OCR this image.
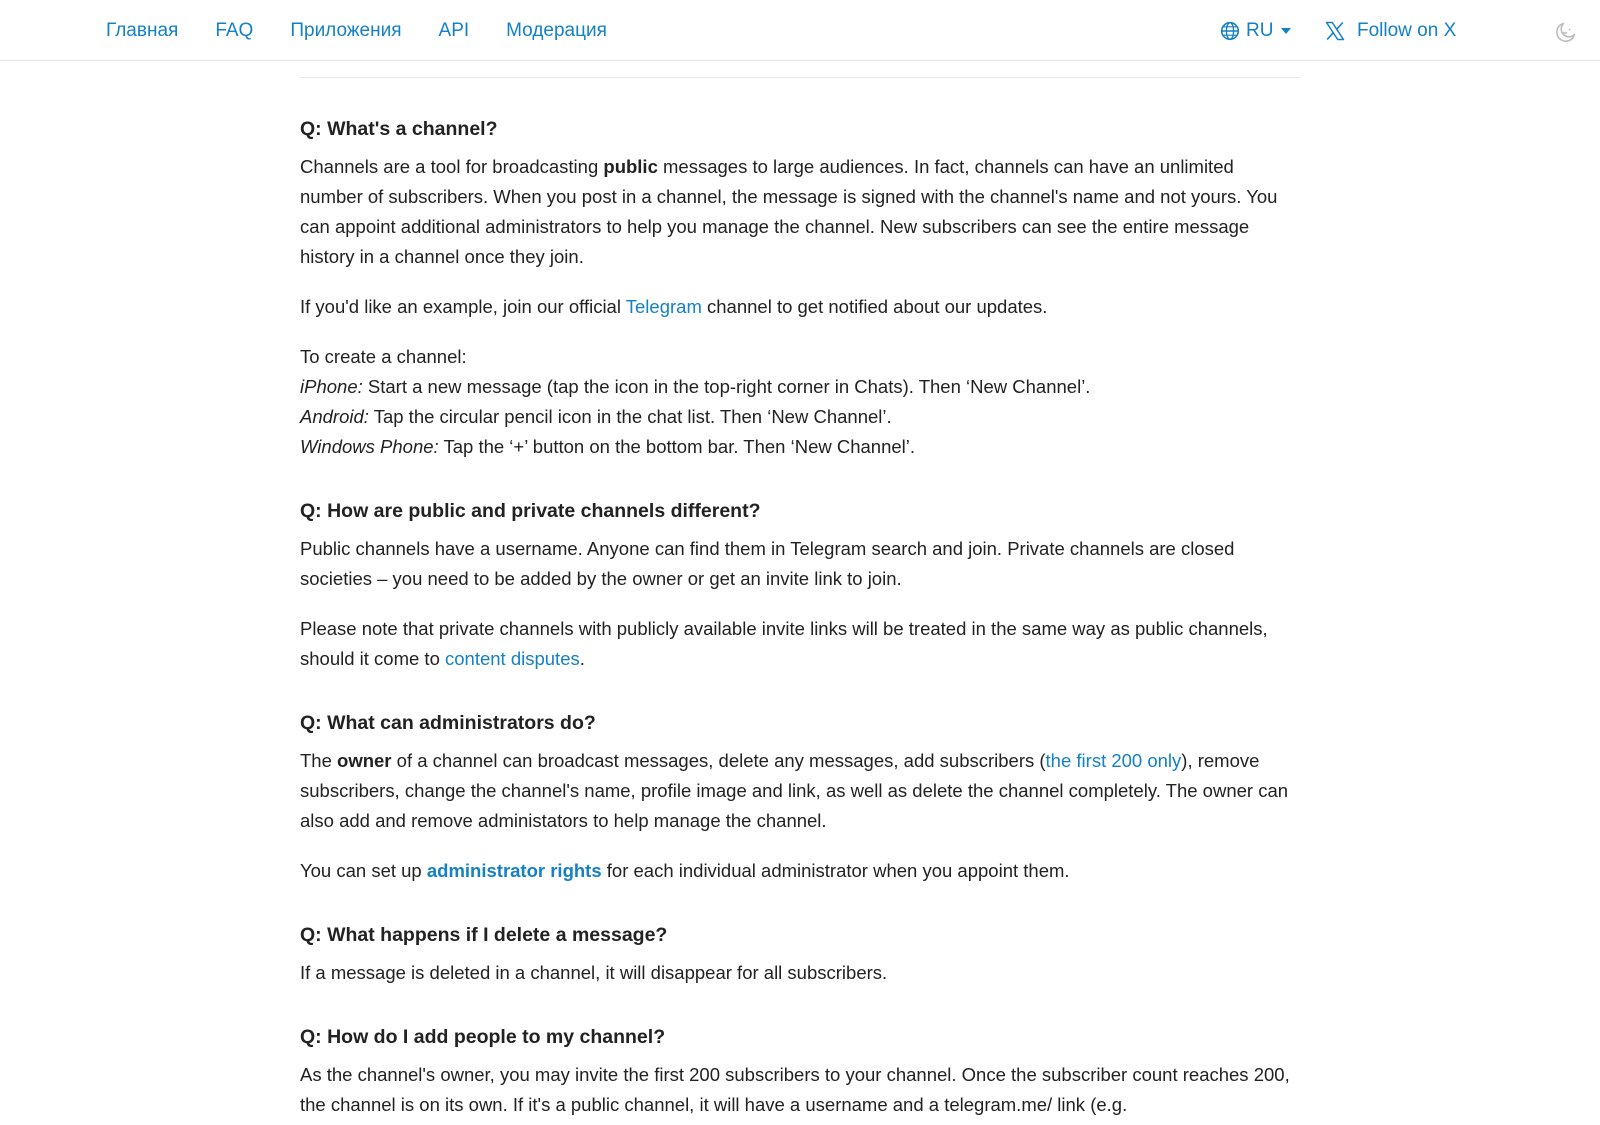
Главная FAQ Приложения API Модерация	RU	Follow on X
Q: What's a channel?

Channels are a tool for broadcasting public messages to large audiences. In fact, channels can have an unlimited number of subscribers. When you post in a channel, the message is signed with the channel's name and not yours. You can appoint additional administrators to help you manage the channel. New subscribers can see the entire message history in a channel once they join.

If you'd like an example, join our official Telegram channel to get notified about our updates.

To create a channel:
iPhone: Start a new message (tap the icon in the top-right corner in Chats). Then ‘New Channel’.
Android: Tap the circular pencil icon in the chat list. Then ‘New Channel’.
Windows Phone: Tap the ‘+’ button on the bottom bar. Then ‘New Channel’.

Q: How are public and private channels different?

Public channels have a username. Anyone can find them in Telegram search and join. Private channels are closed societies – you need to be added by the owner or get an invite link to join.

Please note that private channels with publicly available invite links will be treated in the same way as public channels, should it come to content disputes.

Q: What can administrators do?

The owner of a channel can broadcast messages, delete any messages, add subscribers (the first 200 only), remove subscribers, change the channel's name, profile image and link, as well as delete the channel completely. The owner can also add and remove administators to help manage the channel.

You can set up administrator rights for each individual administrator when you appoint them.

Q: What happens if I delete a message?

If a message is deleted in a channel, it will disappear for all subscribers.

Q: How do I add people to my channel?

As the channel's owner, you may invite the first 200 subscribers to your channel. Once the subscriber count reaches 200, the channel is on its own. If it's a public channel, it will have a username and a telegram.me/ link (e.g.
